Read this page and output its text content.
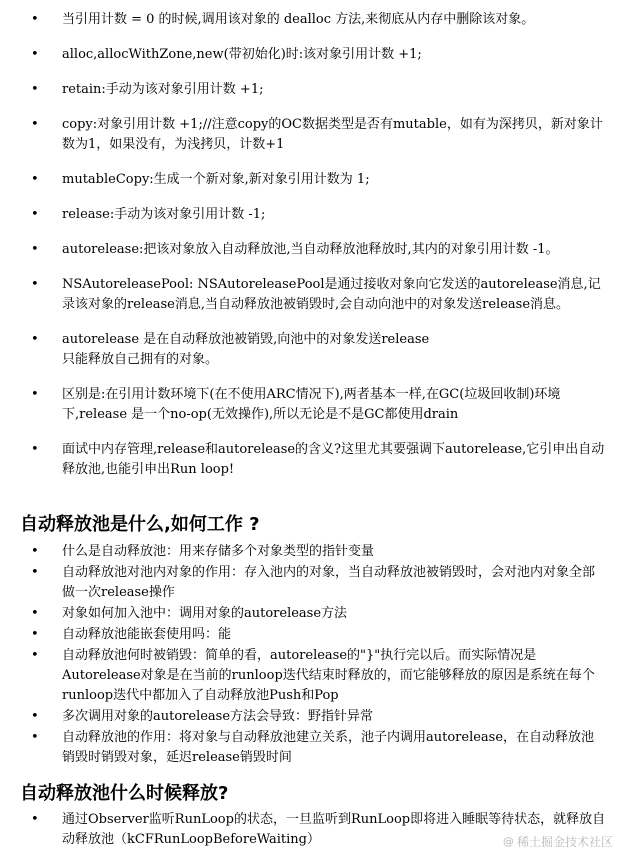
• 当引用计数 = 0 的时候,调用该对象的 dealloc 方法,来彻底从内存中删除该对象。
• alloc,allocWithZone,new(带初始化)时:该对象引用计数 +1;
• retain:手动为该对象引用计数 +1;
• copy:对象引用计数 +1;//注意copy的OC数据类型是否有mutable，如有为深拷贝，新对象计数为1，如果没有，为浅拷贝，计数+1
• mutableCopy:生成一个新对象,新对象引用计数为 1;
• release:手动为该对象引用计数 -1;
• autorelease:把该对象放入自动释放池,当自动释放池释放时,其内的对象引用计数 -1。
• NSAutoreleasePool: NSAutoreleasePool是通过接收对象向它发送的autorelease消息,记录该对象的release消息,当自动释放池被销毁时,会自动向池中的对象发送release消息。
• autorelease 是在自动释放池被销毁,向池中的对象发送release
只能释放自己拥有的对象。
• 区别是:在引用计数环境下(在不使用ARC情况下),两者基本一样,在GC(垃圾回收制)环境下,release 是一个no-op(无效操作),所以无论是不是GC都使用drain
• 面试中内存管理,release和autorelease的含义?这里尤其要强调下autorelease,它引申出自动释放池,也能引申出Run loop!
自动释放池是什么,如何工作 ?
• 什么是自动释放池：用来存储多个对象类型的指针变量
• 自动释放池对池内对象的作用：存入池内的对象，当自动释放池被销毁时，会对池内对象全部做一次release操作
• 对象如何加入池中：调用对象的autorelease方法
• 自动释放池能嵌套使用吗：能
• 自动释放池何时被销毁：简单的看，autorelease的"}"执行完以后。而实际情况是Autorelease对象是在当前的runloop迭代结束时释放的，而它能够释放的原因是系统在每个runloop迭代中都加入了自动释放池Push和Pop
• 多次调用对象的autorelease方法会导致：野指针异常
• 自动释放池的作用：将对象与自动释放池建立关系，池子内调用autorelease，在自动释放池销毁时销毁对象，延迟release销毁时间
自动释放池什么时候释放?
• 通过Observer监听RunLoop的状态，一旦监听到RunLoop即将进入睡眠等待状态，就释放自动释放池（kCFRunLoopBeforeWaiting）	@ 稀土掘金技术社区
